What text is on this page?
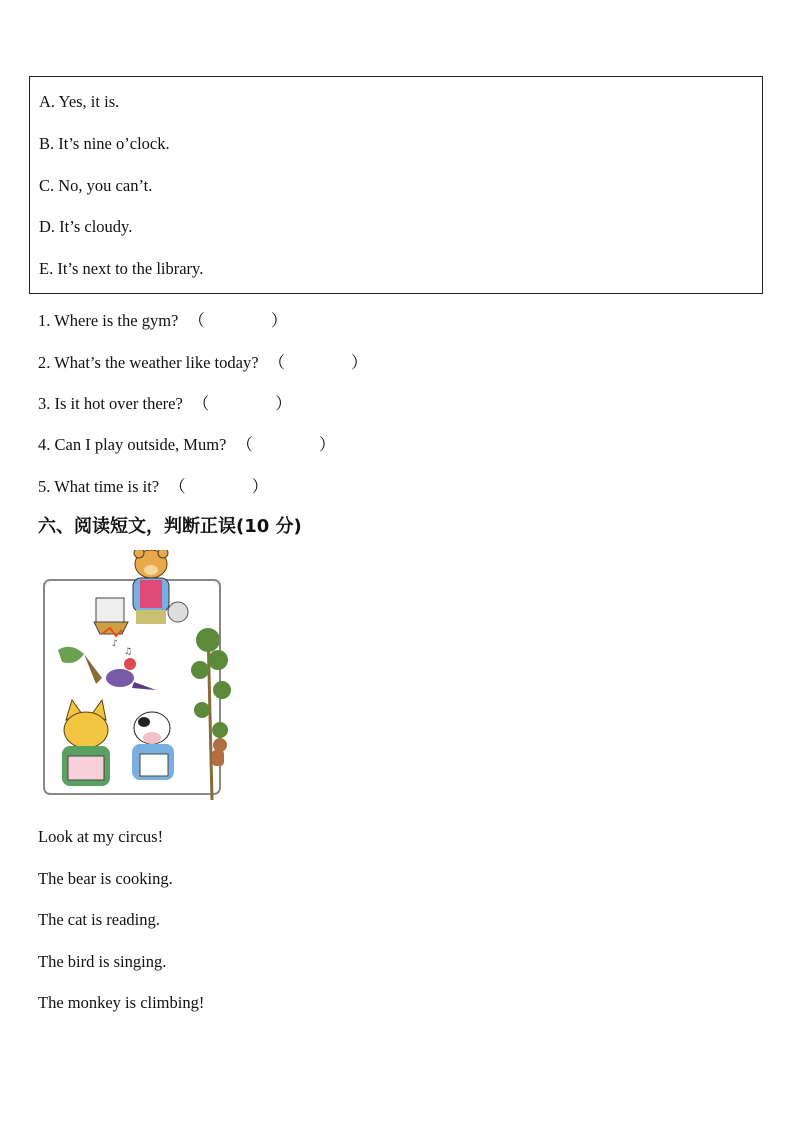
A. Yes, it is.
B. It’s nine o’clock.
C. No, you can’t.
D. It’s cloudy.
E. It’s next to the library.
1. Where is the gym? （	）
2. What’s the weather like today? （	）
3. Is it hot over there? （	）
4. Can I play outside, Mum? （	）
5. What time is it? （	）
六、阅读短文，判断正误(10 分)
♪
♫
Look at my circus!
The bear is cooking.
The cat is reading.
The bird is singing.
The monkey is climbing!
